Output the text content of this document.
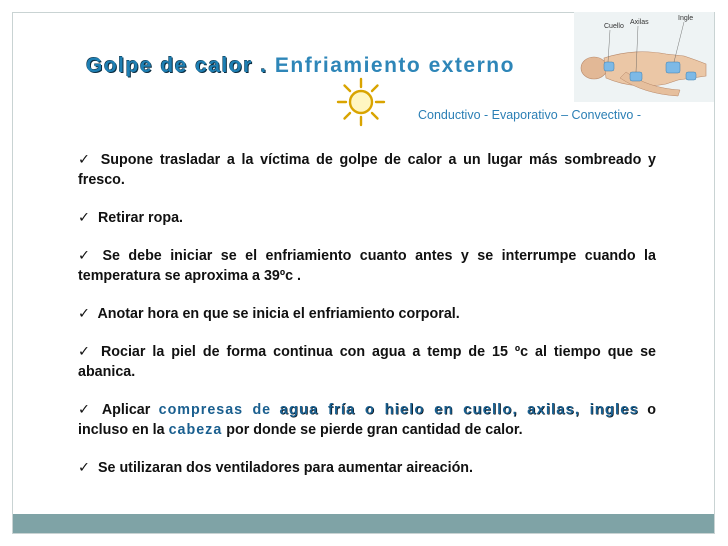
Golpe de calor . Enfriamiento externo
Cuello
Axilas
Ingle
Conductivo - Evaporativo – Convectivo -
✓ Supone trasladar a la víctima de golpe de calor a un lugar más sombreado y fresco.
✓ Retirar ropa.
✓ Se debe iniciar se el enfriamiento cuanto antes y se interrumpe cuando la temperatura se aproxima a 39ºc .
✓ Anotar hora en que se inicia el enfriamiento corporal.
✓ Rociar la piel de forma continua con agua a temp de 15 ºc al tiempo que se abanica.
✓ Aplicar compresas de agua fría o hielo en cuello, axilas, ingles o incluso en la cabeza por donde se pierde gran cantidad de calor.
✓ Se utilizaran dos ventiladores para aumentar aireación.
